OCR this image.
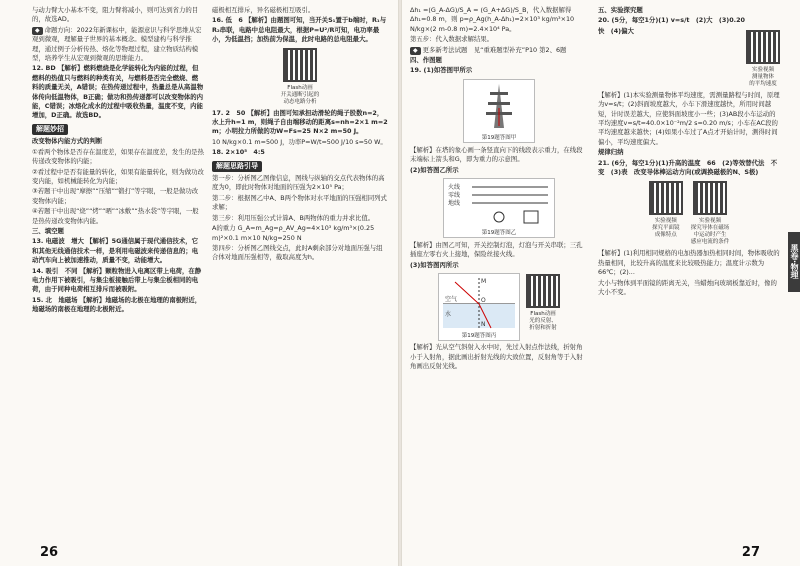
与动力臂大小基本不变，阻力臂将减小，则可达到省力的目的，故选AD。

◆ 命题方向：2022年新课标中，能源意识与科学思维从宏观到微观，理解量子世界的基本概念。模型建构与科学推理，通过例子分析传热、熔化等物理过程，建立物质结构模型，培养学生从宏观到微观的思维能力。

12. BD 【解析】燃料燃烧是化学能转化为内能的过程，但燃料的热值只与燃料的种类有关，与燃料是否完全燃烧、燃料的质量无关，A错误；在热传递过程中，热量总是从高温物体传向低温物体，B正确；做功和热传递都可以改变物体的内能，C错误；冰熔化成水的过程中吸收热量，温度不变，内能增加，D正确。故选BD。

解题妙招

改变物体内能方式的判断

①看两个物体是否存在温度差，如果存在温度差，发生的是热传递改变物体的内能；

②看过程中是否有能量的转化，如果有能量转化，则为做功改变内能，如机械能转化为内能；

③若题干中出现“摩擦”“压缩”“锻打”等字眼，一般是做功改变物体内能；

④若题干中出现“烧”“烤”“晒”“冰敷”“热水袋”等字眼，一般是热传递改变物体内能。

三、填空题

13. 电磁波　增大 【解析】5G通信属于现代通信技术，它和其他无线通信技术一样，是利用电磁波来传递信息的；电动汽车向上被加速推动，质量不变，动能增大。

14. 吸引　不同 【解析】颗粒物进入电离区带上电荷，在静电力作用下被吸引，与集尘板接触后带上与集尘板相同的电荷，由于同种电荷相互排斥而被吸附。

15. 北　地磁场 【解析】地磁场的北极在地理的南极附近，地磁场的南极在地理的北极附近。

磁极相互排斥，异名磁极相互吸引。

16. 低　6 【解析】由题图可知，当开关S₁置于b端时，R₁与R₂串联，电路中总电阻最大，根据P=U²/R可知，电功率最小，为低温挡；加热前为保温，此时电路的总电阻最大。

Flash动画
开关通断引起的
动态电路分析

17. 2　50 【解析】由图可知承担动滑轮的绳子股数n=2，水上升h=1 m，则绳子自由端移动的距离s=nh=2×1 m=2 m；小明拉力所做的功W=Fs=25 N×2 m=50 J。

10 N/kg×0.1 m=500 J，功率P=W/t=500 J/10 s=50 W。

18. 2×10⁵　4:5

解题思路引导

第一步：分析图乙图像信息，图线与纵轴的交点代表物体的高度为0，即此时物体对地面的压强为2×10⁵ Pa；

第二步：根据图乙中A、B两个物体对水平地面的压强相同列式求解；

第三步：利用压强公式计算A、B两物体的重力并求比值。

A的重力 G_A=m_Ag=ρ_AV_Ag=4×10³ kg/m³×(0.25 m)²×0.1 m×10 N/kg=250 N

第四步：分析图乙图线交点，此时A剩余部分对地面压强与组合体对地面压强相等，截取高度为h。

26

Δh₁ =(G_A-ΔG)/S_A = (G_A+ΔG)/S_B，代入数据解得 Δh₁=0.8 m，则 p=ρ_Ag(h_A-Δh₁)=2×10³ kg/m³×10 N/kg×(2 m-0.8 m)=2.4×10⁴ Pa。

第五步：代入数据求解结果。

◆ 更多新考法试题　见“重难题型补充”P10 第2、6题

四、作图题

19. (1)如答图甲所示

第19题答图甲

【解析】在塔的象心画一条竖直向下的线段表示重力，在线段末端标上箭头和G，即为重力的示意图。

(2)如答图乙所示

火线
零线
地线
第19题答图乙

【解析】由图乙可知，开关控制灯泡，灯泡与开关串联；三孔插座左零右火上接地，保险丝接火线。

(3)如答图丙所示

空气
水
M
N
O
第19题答图丙
Flash动画
光的反射、
折射和折射

【解析】光从空气斜射入水中时，先过入射点作法线，折射角小于入射角，据此画出折射光线的大致位置，反射角等于入射角画出反射光线。

五、实验探究题

20. (5分，每空1分)(1) v=s/t　(2)大　(3)0.20

快　(4)偏大

实验视频
测量物体
的平均速度

【解析】(1)本实验测量物体平均速度，需测量路程与时间，原理为v=s/t；(2)斜面坡度越大，小车下滑速度越快，所用时间越短，计时误差越大，应使斜面坡度小一些；(3)AB段小车运动的平均速度v=s/t=40.0×10⁻²m/2 s=0.20 m/s；小车在AC段的平均速度越来越快；(4)如果小车过了A点才开始计时，测得时间偏小，平均速度偏大。

规律归纳

21. (6分，每空1分)(1)升高的温度　66　(2)等效替代法　不变　(3)表　改变导体棒运动方向(或调换磁极的N、S极)

实验视频
探究平面镜
成像特点
实验视频
探究导体在磁场
中运动时产生
感应电流的条件

【解析】(1)利用相同规格的电加热器加热相同时间，物体吸收的热量相同，比较升高的温度来比较吸热能力；温度计示数为66℃；(2)...

大小与物体到平面镜的距离无关，当蜡烛向玻璃板靠近时，像的大小不变。

黑卷·物理
27
